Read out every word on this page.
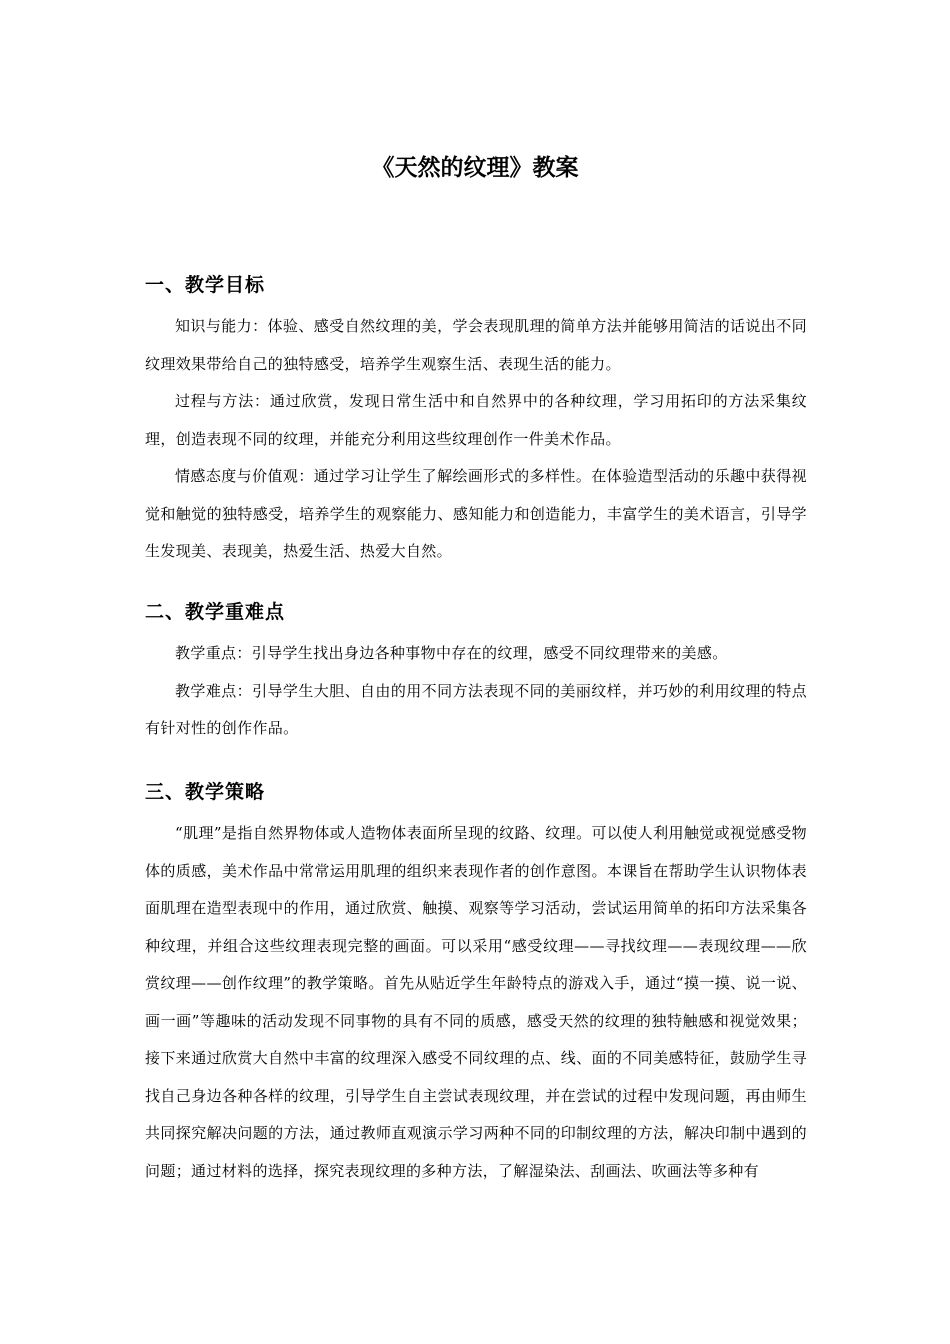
《天然的纹理》教案
一、教学目标

知识与能力：体验、感受自然纹理的美，学会表现肌理的简单方法并能够用简洁的话说出不同纹理效果带给自己的独特感受，培养学生观察生活、表现生活的能力。

过程与方法：通过欣赏，发现日常生活中和自然界中的各种纹理，学习用拓印的方法采集纹理，创造表现不同的纹理，并能充分利用这些纹理创作一件美术作品。

情感态度与价值观：通过学习让学生了解绘画形式的多样性。在体验造型活动的乐趣中获得视觉和触觉的独特感受，培养学生的观察能力、感知能力和创造能力，丰富学生的美术语言，引导学生发现美、表现美，热爱生活、热爱大自然。

二、教学重难点

教学重点：引导学生找出身边各种事物中存在的纹理，感受不同纹理带来的美感。

教学难点：引导学生大胆、自由的用不同方法表现不同的美丽纹样，并巧妙的利用纹理的特点有针对性的创作作品。

三、教学策略

“肌理”是指自然界物体或人造物体表面所呈现的纹路、纹理。可以使人利用触觉或视觉感受物体的质感，美术作品中常常运用肌理的组织来表现作者的创作意图。本课旨在帮助学生认识物体表面肌理在造型表现中的作用，通过欣赏、触摸、观察等学习活动，尝试运用简单的拓印方法采集各种纹理，并组合这些纹理表现完整的画面。可以采用“感受纹理——寻找纹理——表现纹理——欣赏纹理——创作纹理”的教学策略。首先从贴近学生年龄特点的游戏入手，通过“摸一摸、说一说、画一画”等趣味的活动发现不同事物的具有不同的质感，感受天然的纹理的独特触感和视觉效果；接下来通过欣赏大自然中丰富的纹理深入感受不同纹理的点、线、面的不同美感特征，鼓励学生寻找自己身边各种各样的纹理，引导学生自主尝试表现纹理，并在尝试的过程中发现问题，再由师生共同探究解决问题的方法，通过教师直观演示学习两种不同的印制纹理的方法，解决印制中遇到的问题；通过材料的选择，探究表现纹理的多种方法，了解湿染法、刮画法、吹画法等多种有
